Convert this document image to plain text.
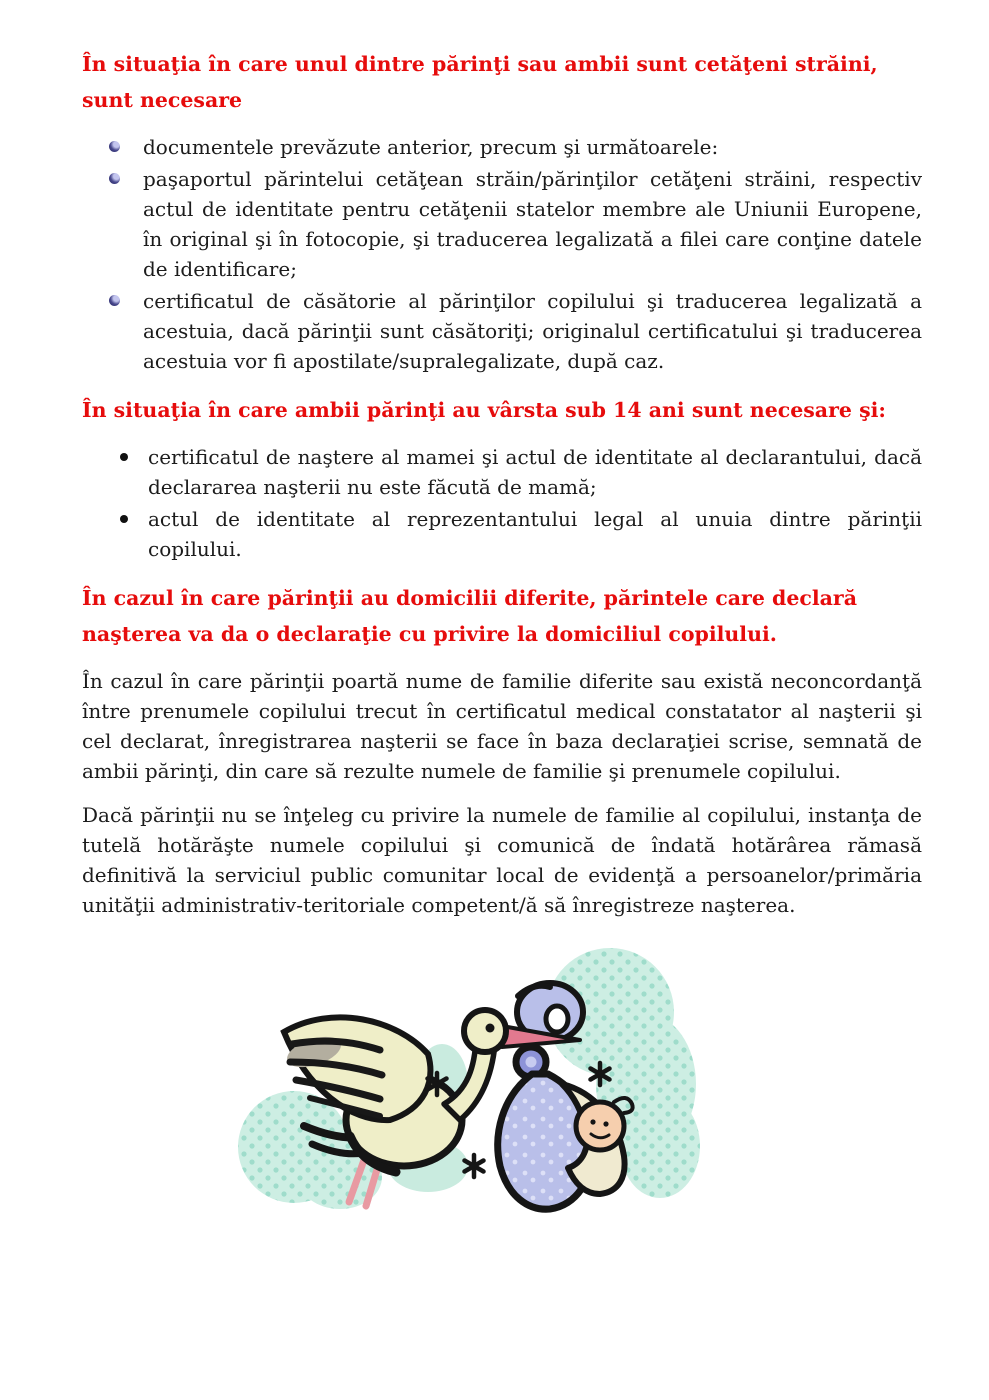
În situaţia în care unul dintre părinţi sau ambii sunt cetăţeni străini, sunt necesare
documentele prevăzute anterior, precum şi următoarele:
paşaportul părintelui cetăţean străin/părinţilor cetăţeni străini, respectiv actul de identitate pentru cetăţenii statelor membre ale Uniunii Europene, în original şi în fotocopie, şi traducerea legalizată a filei care conţine datele de identificare;
certificatul de căsătorie al părinţilor copilului şi traducerea legalizată a acestuia, dacă părinţii sunt căsătoriţi; originalul certificatului şi traducerea acestuia vor fi apostilate/supralegalizate, după caz.
În situaţia în care ambii părinţi au vârsta sub 14 ani sunt necesare şi:
certificatul de naştere al mamei şi actul de identitate al declarantului, dacă declararea naşterii nu este făcută de mamă;
actul de identitate al reprezentantului legal al unuia dintre părinţii copilului.
În cazul în care părinţii au domicilii diferite, părintele care declară naşterea va da o declaraţie cu privire la domiciliul copilului.

În cazul în care părinţii poartă nume de familie diferite sau există neconcordanţă între prenumele copilului trecut în certificatul medical constatator al naşterii şi cel declarat, înregistrarea naşterii se face în baza declaraţiei scrise, semnată de ambii părinţi, din care să rezulte numele de familie şi prenumele copilului.

Dacă părinţii nu se înţeleg cu privire la numele de familie al copilului, instanţa de tutelă hotărăşte numele copilului şi comunică de îndată hotărârea rămasă definitivă la serviciul public comunitar local de evidenţă a persoanelor/primăria unităţii administrativ-teritoriale competent/ă să înregistreze naşterea.
